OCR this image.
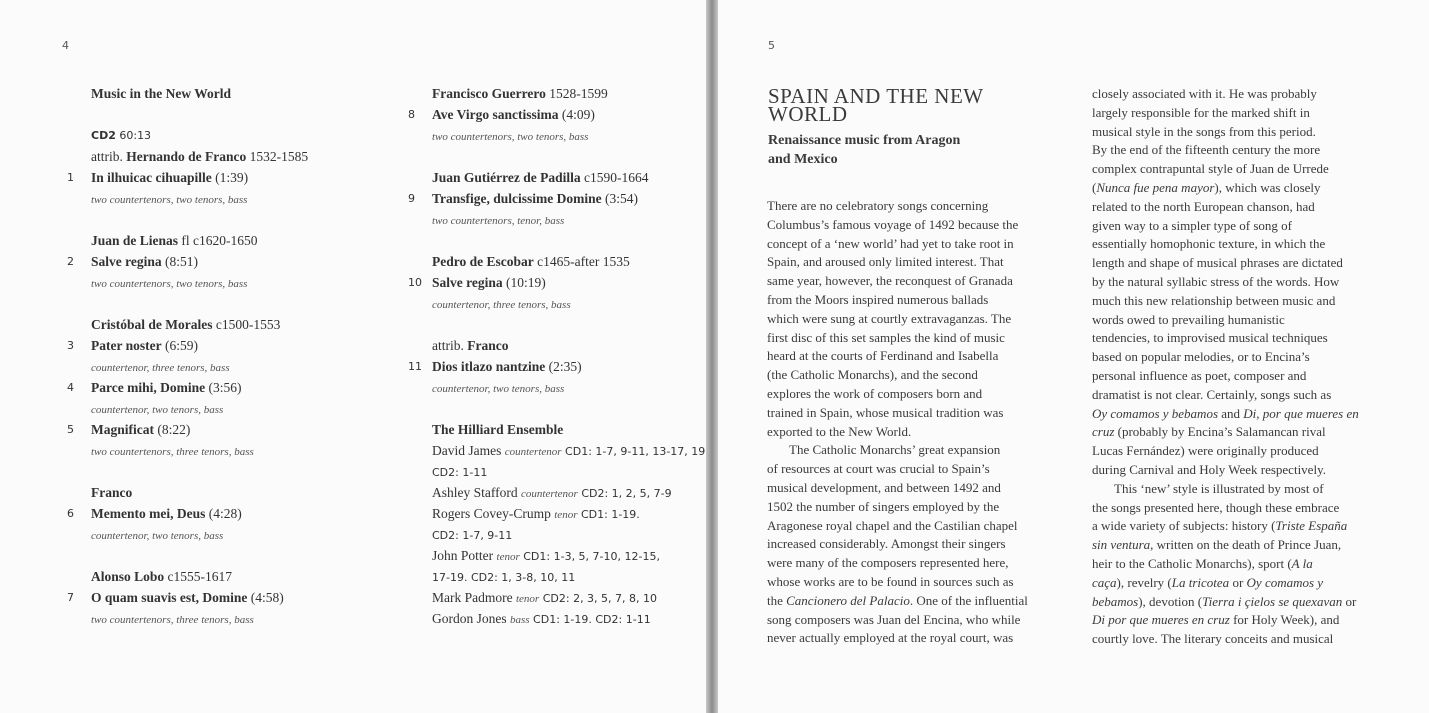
4
Music in the New World
CD2 60:13
attrib. Hernando de Franco 1532-1585
1	In ilhuicac cihuapille (1:39)
two countertenors, two tenors, bass
Juan de Lienas fl c1620-1650
2	Salve regina (8:51)
two countertenors, two tenors, bass
Cristóbal de Morales c1500-1553
3	Pater noster (6:59)
countertenor, three tenors, bass
4	Parce mihi, Domine (3:56)
countertenor, two tenors, bass
5	Magnificat (8:22)
two countertenors, three tenors, bass
Franco
6	Memento mei, Deus (4:28)
countertenor, two tenors, bass
Alonso Lobo c1555-1617
7	O quam suavis est, Domine (4:58)
two countertenors, three tenors, bass
Francisco Guerrero 1528-1599
8	Ave Virgo sanctissima (4:09)
two countertenors, two tenors, bass
Juan Gutiérrez de Padilla c1590-1664
9	Transfige, dulcissime Domine (3:54)
two countertenors, tenor, bass
Pedro de Escobar c1465-after 1535
10 Salve regina (10:19)
countertenor, three tenors, bass
attrib. Franco
11 Dios itlazo nantzine (2:35)
countertenor, two tenors, bass
The Hilliard Ensemble
David James countertenor CD1: 1-7, 9-11, 13-17, 19
CD2: 1-11
Ashley Stafford countertenor CD2: 1, 2, 5, 7-9
Rogers Covey-Crump tenor CD1: 1-19.
CD2: 1-7, 9-11
John Potter tenor CD1: 1-3, 5, 7-10, 12-15,
17-19. CD2: 1, 3-8, 10, 11
Mark Padmore tenor CD2: 2, 3, 5, 7, 8, 10
Gordon Jones bass CD1: 1-19. CD2: 1-11
5
SPAIN AND THE NEW
WORLD
Renaissance music from Aragon
and Mexico
There are no celebratory songs concerning
Columbus’s famous voyage of 1492 because the
concept of a ‘new world’ had yet to take root in
Spain, and aroused only limited interest. That
same year, however, the reconquest of Granada
from the Moors inspired numerous ballads
which were sung at courtly extravaganzas. The
first disc of this set samples the kind of music
heard at the courts of Ferdinand and Isabella
(the Catholic Monarchs), and the second
explores the work of composers born and
trained in Spain, whose musical tradition was
exported to the New World.
The Catholic Monarchs’ great expansion
of resources at court was crucial to Spain’s
musical development, and between 1492 and
1502 the number of singers employed by the
Aragonese royal chapel and the Castilian chapel
increased considerably. Amongst their singers
were many of the composers represented here,
whose works are to be found in sources such as
the Cancionero del Palacio. One of the influential
song composers was Juan del Encina, who while
never actually employed at the royal court, was
closely associated with it. He was probably
largely responsible for the marked shift in
musical style in the songs from this period.
By the end of the fifteenth century the more
complex contrapuntal style of Juan de Urrede
(Nunca fue pena mayor), which was closely
related to the north European chanson, had
given way to a simpler type of song of
essentially homophonic texture, in which the
length and shape of musical phrases are dictated
by the natural syllabic stress of the words. How
much this new relationship between music and
words owed to prevailing humanistic
tendencies, to improvised musical techniques
based on popular melodies, or to Encina’s
personal influence as poet, composer and
dramatist is not clear. Certainly, songs such as
Oy comamos y bebamos and Di, por que mueres en
cruz (probably by Encina’s Salamancan rival
Lucas Fernández) were originally produced
during Carnival and Holy Week respectively.
This ‘new’ style is illustrated by most of
the songs presented here, though these embrace
a wide variety of subjects: history (Triste España
sin ventura, written on the death of Prince Juan,
heir to the Catholic Monarchs), sport (A la
caça), revelry (La tricotea or Oy comamos y
bebamos), devotion (Tierra i çielos se quexavan or
Di por que mueres en cruz for Holy Week), and
courtly love. The literary conceits and musical
